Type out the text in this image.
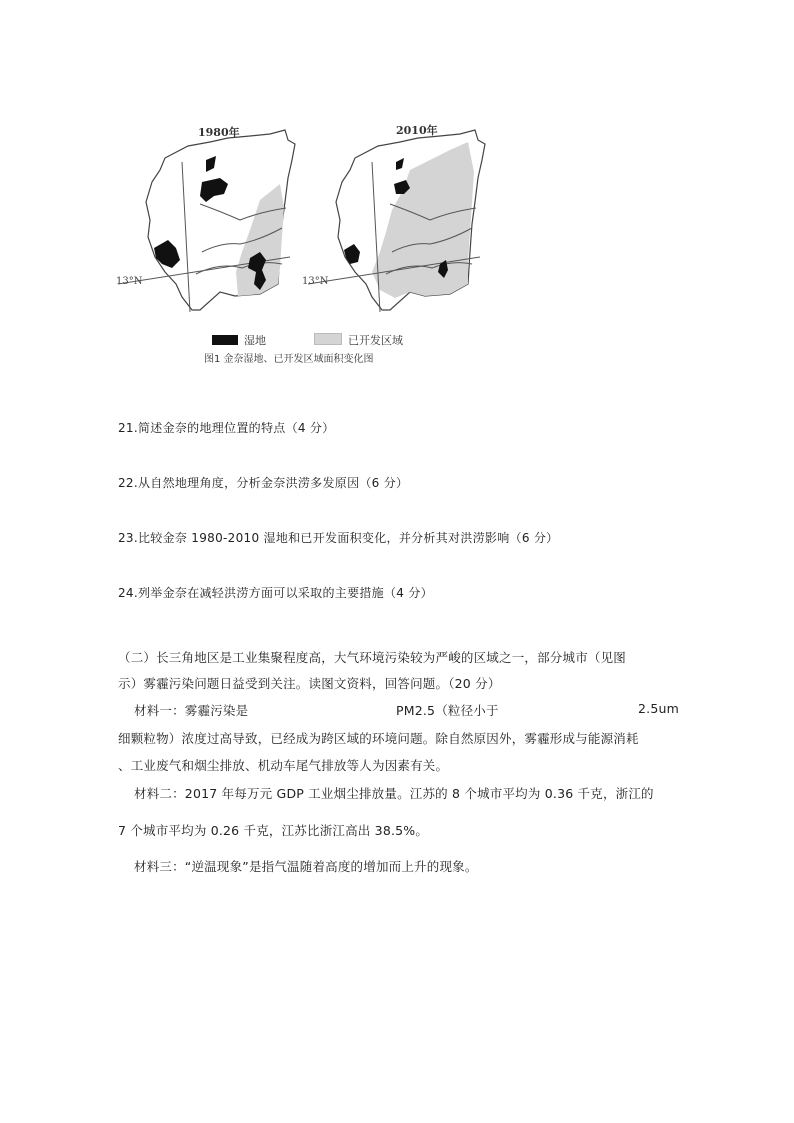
1980年	2010年
13°N	13°N
湿地	已开发区域
图1 金奈湿地、已开发区域面积变化图
21.简述金奈的地理位置的特点（4 分）
22.从自然地理角度，分析金奈洪涝多发原因（6 分）
23.比较金奈 1980-2010 湿地和已开发面积变化，并分析其对洪涝影响（6 分）
24.列举金奈在减轻洪涝方面可以采取的主要措施（4 分）
（二）长三角地区是工业集聚程度高，大气环境污染较为严峻的区域之一，部分城市（见图
示）雾霾污染问题日益受到关注。读图文资料，回答问题。（20 分）
材料一：雾霾污染是	PM2.5（粒径小于	2.5um
细颗粒物）浓度过高导致，已经成为跨区域的环境问题。除自然原因外，雾霾形成与能源消耗
、工业废气和烟尘排放、机动车尾气排放等人为因素有关。
材料二：2017 年每万元 GDP 工业烟尘排放量。江苏的 8 个城市平均为 0.36 千克，浙江的
7 个城市平均为 0.26 千克，江苏比浙江高出 38.5%。
材料三：“逆温现象”是指气温随着高度的增加而上升的现象。
